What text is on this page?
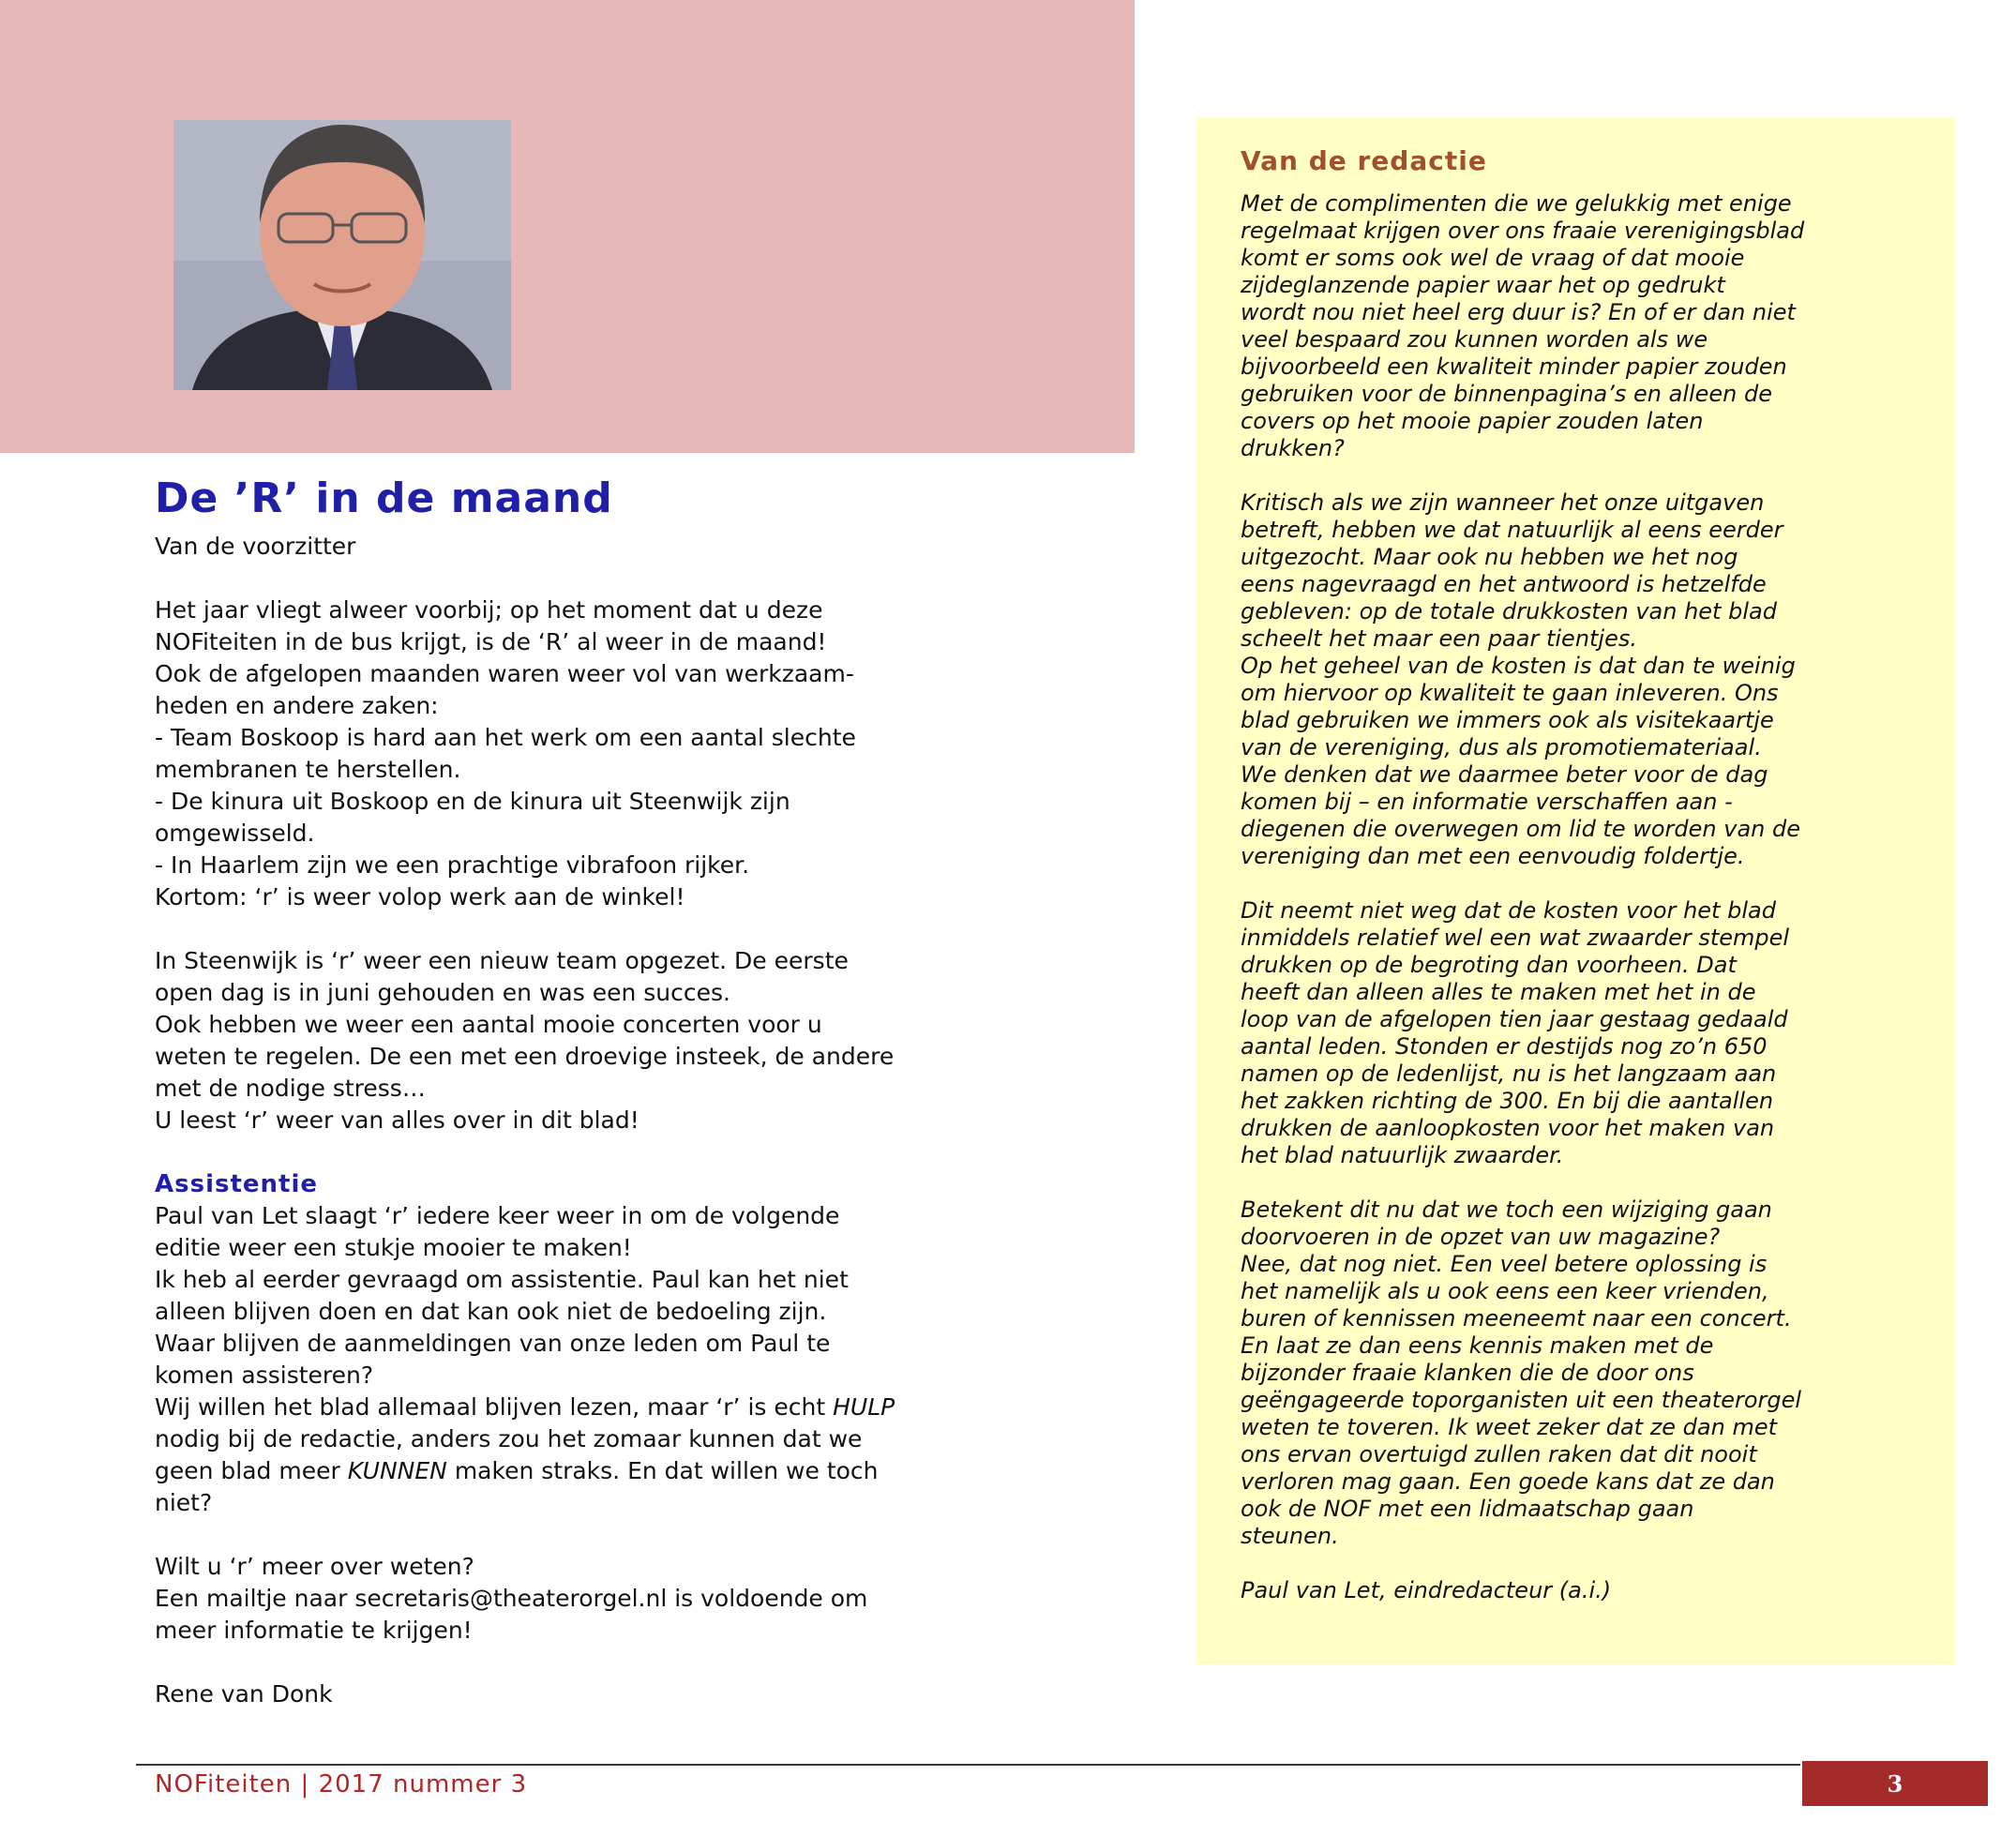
De ’R’ in de maand

Van de voorzitter

Het jaar vliegt alweer voorbij; op het moment dat u deze
NOFiteiten in de bus krijgt, is de ‘R’ al weer in de maand!
Ook de afgelopen maanden waren weer vol van werkzaam-
heden en andere zaken:
- Team Boskoop is hard aan het werk om een aantal slechte
membranen te herstellen.
- De kinura uit Boskoop en de kinura uit Steenwijk zijn
omgewisseld.
- In Haarlem zijn we een prachtige vibrafoon rijker.
Kortom: ‘r’ is weer volop werk aan de winkel!
In Steenwijk is ‘r’ weer een nieuw team opgezet. De eerste
open dag is in juni gehouden en was een succes.
Ook hebben we weer een aantal mooie concerten voor u
weten te regelen. De een met een droevige insteek, de andere
met de nodige stress…
U leest ‘r’ weer van alles over in dit blad!
Assistentie
Paul van Let slaagt ‘r’ iedere keer weer in om de volgende
editie weer een stukje mooier te maken!
Ik heb al eerder gevraagd om assistentie. Paul kan het niet
alleen blijven doen en dat kan ook niet de bedoeling zijn.
Waar blijven de aanmeldingen van onze leden om Paul te
komen assisteren?
Wij willen het blad allemaal blijven lezen, maar ‘r’ is echt HULP
nodig bij de redactie, anders zou het zomaar kunnen dat we
geen blad meer KUNNEN maken straks. En dat willen we toch
niet?
Wilt u ‘r’ meer over weten?
Een mailtje naar secretaris@theaterorgel.nl is voldoende om
meer informatie te krijgen!
Rene van Donk
Van de redactie
Met de complimenten die we gelukkig met enige
regelmaat krijgen over ons fraaie verenigingsblad
komt er soms ook wel de vraag of dat mooie
zijdeglanzende papier waar het op gedrukt
wordt nou niet heel erg duur is? En of er dan niet
veel bespaard zou kunnen worden als we
bijvoorbeeld een kwaliteit minder papier zouden
gebruiken voor de binnenpagina’s en alleen de
covers op het mooie papier zouden laten
drukken?
Kritisch als we zijn wanneer het onze uitgaven
betreft, hebben we dat natuurlijk al eens eerder
uitgezocht. Maar ook nu hebben we het nog
eens nagevraagd en het antwoord is hetzelfde
gebleven: op de totale drukkosten van het blad
scheelt het maar een paar tientjes.
Op het geheel van de kosten is dat dan te weinig
om hiervoor op kwaliteit te gaan inleveren. Ons
blad gebruiken we immers ook als visitekaartje
van de vereniging, dus als promotiemateriaal.
We denken dat we daarmee beter voor de dag
komen bij – en informatie verschaffen aan -
diegenen die overwegen om lid te worden van de
vereniging dan met een eenvoudig foldertje.
Dit neemt niet weg dat de kosten voor het blad
inmiddels relatief wel een wat zwaarder stempel
drukken op de begroting dan voorheen. Dat
heeft dan alleen alles te maken met het in de
loop van de afgelopen tien jaar gestaag gedaald
aantal leden. Stonden er destijds nog zo’n 650
namen op de ledenlijst, nu is het langzaam aan
het zakken richting de 300. En bij die aantallen
drukken de aanloopkosten voor het maken van
het blad natuurlijk zwaarder.
Betekent dit nu dat we toch een wijziging gaan
doorvoeren in de opzet van uw magazine?
Nee, dat nog niet. Een veel betere oplossing is
het namelijk als u ook eens een keer vrienden,
buren of kennissen meeneemt naar een concert.
En laat ze dan eens kennis maken met de
bijzonder fraaie klanken die de door ons
geëngageerde toporganisten uit een theaterorgel
weten te toveren. Ik weet zeker dat ze dan met
ons ervan overtuigd zullen raken dat dit nooit
verloren mag gaan. Een goede kans dat ze dan
ook de NOF met een lidmaatschap gaan
steunen.
Paul van Let, eindredacteur (a.i.)
NOFiteiten | 2017 nummer 3	3
